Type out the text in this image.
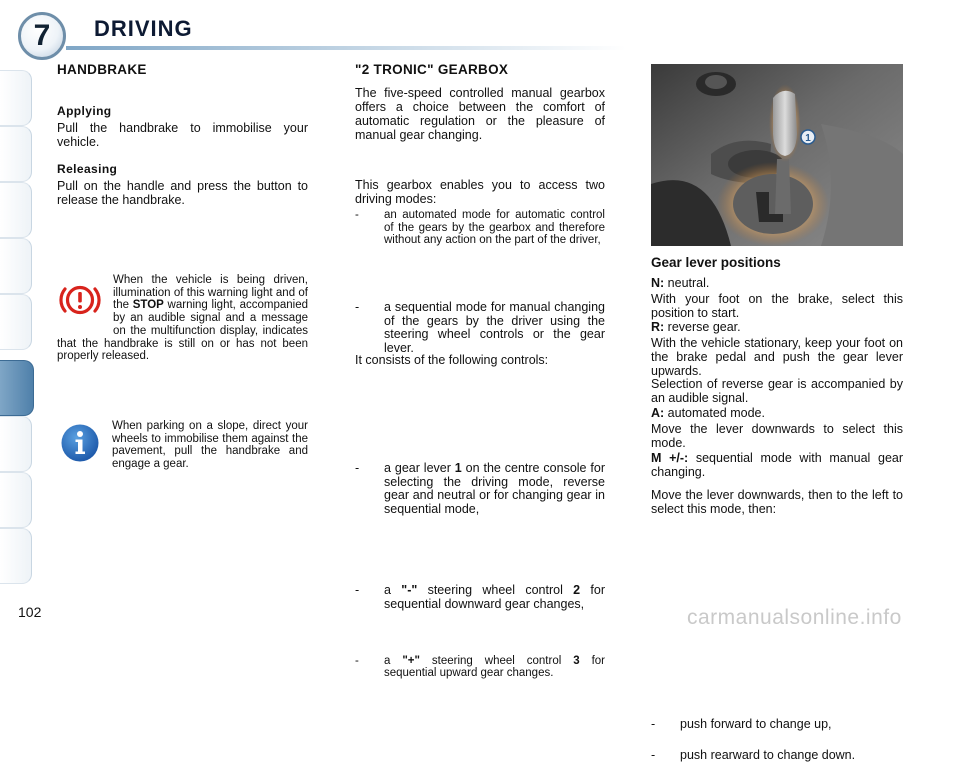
7	DRIVING
HANDBRAKE
Applying
Pull the handbrake to immobilise your vehicle.
Releasing
Pull on the handle and press the button to release the handbrake.
When the vehicle is being driven, illumination of this warning light and of the STOP warning light, accompanied by an audible signal and a message on the multifunction display, indicates that the handbrake is still on or has not been properly released.
When parking on a slope, direct your wheels to immobilise them against the pavement, pull the handbrake and engage a gear.
"2 TRONIC" GEARBOX
The five-speed controlled manual gearbox offers a choice between the comfort of automatic regulation or the pleasure of manual gear changing.
This gearbox enables you to access two driving modes:
- an automated mode for automatic control of the gears by the gearbox and therefore without any action on the part of the driver,
- a sequential mode for manual changing of the gears by the driver using the steering wheel controls or the gear lever.
It consists of the following controls:
- a gear lever 1 on the centre console for selecting the driving mode, reverse gear and neutral or for changing gear in sequential mode,
- a "-" steering wheel control 2 for sequential downward gear changes,
- a "+" steering wheel control 3 for sequential upward gear changes.
1
Gear lever positions
N: neutral.
With your foot on the brake, select this position to start.
R: reverse gear.
With the vehicle stationary, keep your foot on the brake pedal and push the gear lever upwards.
Selection of reverse gear is accompanied by an audible signal.
A: automated mode.
Move the lever downwards to select this mode.
M +/-: sequential mode with manual gear changing.
Move the lever downwards, then to the left to select this mode, then:
- push forward to change up,
- push rearward to change down.
102	carmanualsonline.info
